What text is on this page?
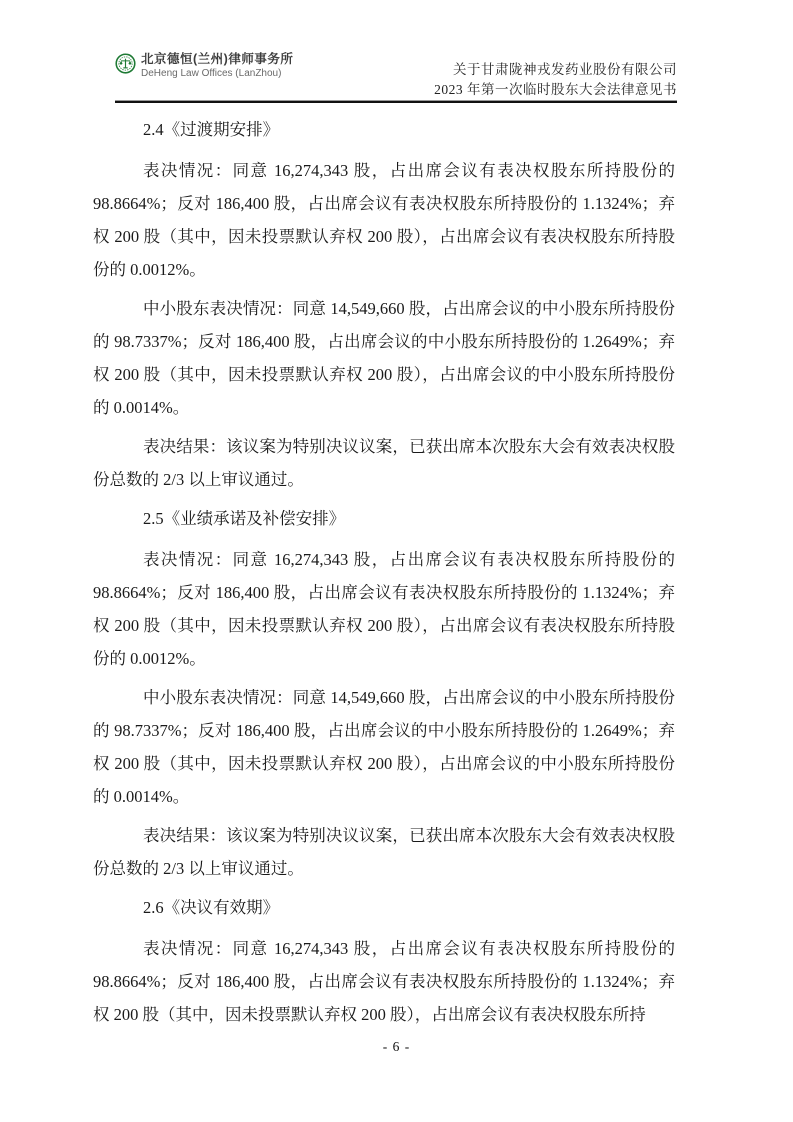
北京德恒(兰州)律师事务所
DeHeng Law Offices (LanZhou)	关于甘肃陇神戎发药业股份有限公司
2023 年第一次临时股东大会法律意见书

2.4《过渡期安排》

表决情况：同意 16,274,343 股，占出席会议有表决权股东所持股份的 98.8664%；反对 186,400 股，占出席会议有表决权股东所持股份的 1.1324%；弃权 200 股（其中，因未投票默认弃权 200 股），占出席会议有表决权股东所持股份的 0.0012%。

中小股东表决情况：同意 14,549,660 股，占出席会议的中小股东所持股份的 98.7337%；反对 186,400 股，占出席会议的中小股东所持股份的 1.2649%；弃权 200 股（其中，因未投票默认弃权 200 股），占出席会议的中小股东所持股份的 0.0014%。

表决结果：该议案为特别决议议案，已获出席本次股东大会有效表决权股份总数的 2/3 以上审议通过。

2.5《业绩承诺及补偿安排》

表决情况：同意 16,274,343 股，占出席会议有表决权股东所持股份的 98.8664%；反对 186,400 股，占出席会议有表决权股东所持股份的 1.1324%；弃权 200 股（其中，因未投票默认弃权 200 股），占出席会议有表决权股东所持股份的 0.0012%。

中小股东表决情况：同意 14,549,660 股，占出席会议的中小股东所持股份的 98.7337%；反对 186,400 股，占出席会议的中小股东所持股份的 1.2649%；弃权 200 股（其中，因未投票默认弃权 200 股），占出席会议的中小股东所持股份的 0.0014%。

表决结果：该议案为特别决议议案，已获出席本次股东大会有效表决权股份总数的 2/3 以上审议通过。

2.6《决议有效期》

表决情况：同意 16,274,343 股，占出席会议有表决权股东所持股份的 98.8664%；反对 186,400 股，占出席会议有表决权股东所持股份的 1.1324%；弃权 200 股（其中，因未投票默认弃权 200 股），占出席会议有表决权股东所持

- 6 -
